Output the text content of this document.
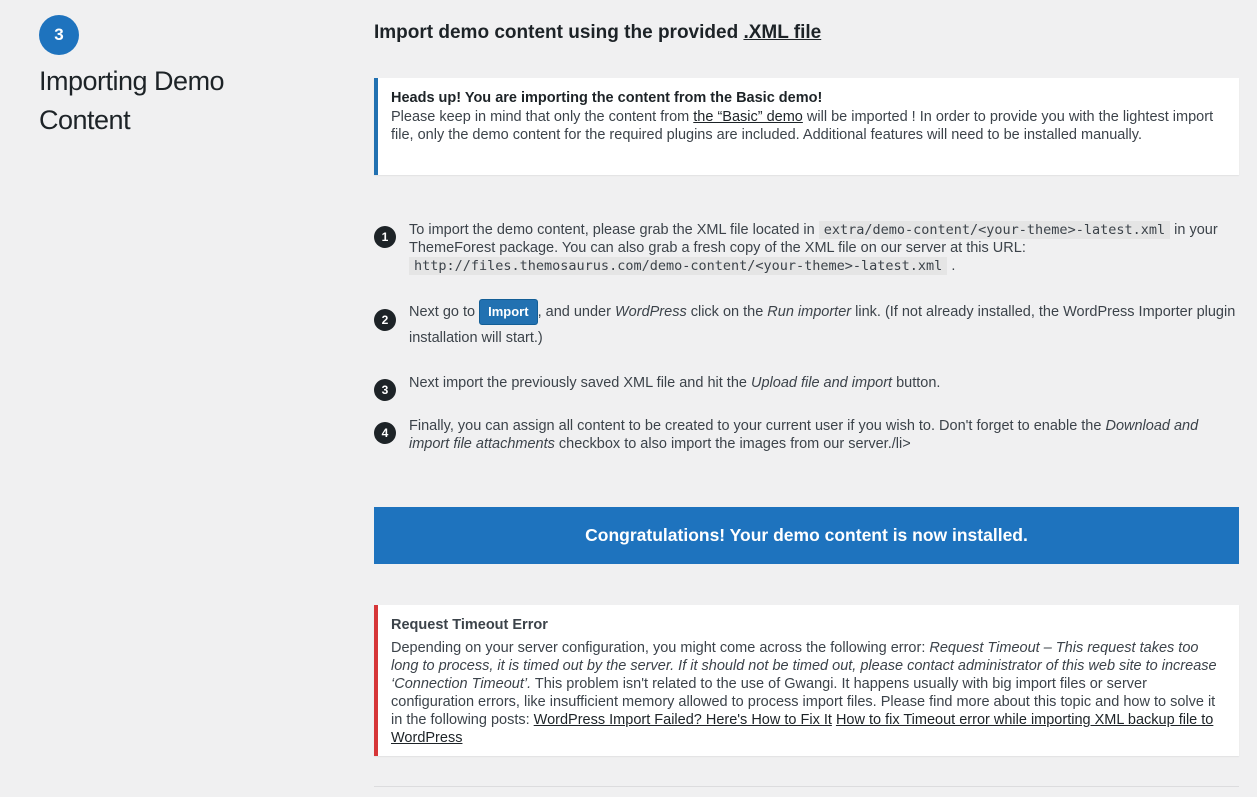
3
Importing Demo Content
Import demo content using the provided .XML file
Heads up! You are importing the content from the Basic demo!
Please keep in mind that only the content from the “Basic” demo will be imported ! In order to provide you with the lightest import file, only the demo content for the required plugins are included. Additional features will need to be installed manually.
1	To import the demo content, please grab the XML file located in extra/demo-content/<your-theme>-latest.xml in your ThemeForest package. You can also grab a fresh copy of the XML file on our server at this URL: http://files.themosaurus.com/demo-content/<your-theme>-latest.xml .
2	Next go to Import , and under WordPress click on the Run importer link. (If not already installed, the WordPress Importer plugin installation will start.)
3	Next import the previously saved XML file and hit the Upload file and import button.
4	Finally, you can assign all content to be created to your current user if you wish to. Don't forget to enable the Download and import file attachments checkbox to also import the images from our server./li>
Congratulations! Your demo content is now installed.
Request Timeout Error
Depending on your server configuration, you might come across the following error: Request Timeout – This request takes too long to process, it is timed out by the server. If it should not be timed out, please contact administrator of this web site to increase ‘Connection Timeout’. This problem isn't related to the use of Gwangi. It happens usually with big import files or server configuration errors, like insufficient memory allowed to process import files. Please find more about this topic and how to solve it in the following posts: WordPress Import Failed? Here's How to Fix It How to fix Timeout error while importing XML backup file to WordPress
